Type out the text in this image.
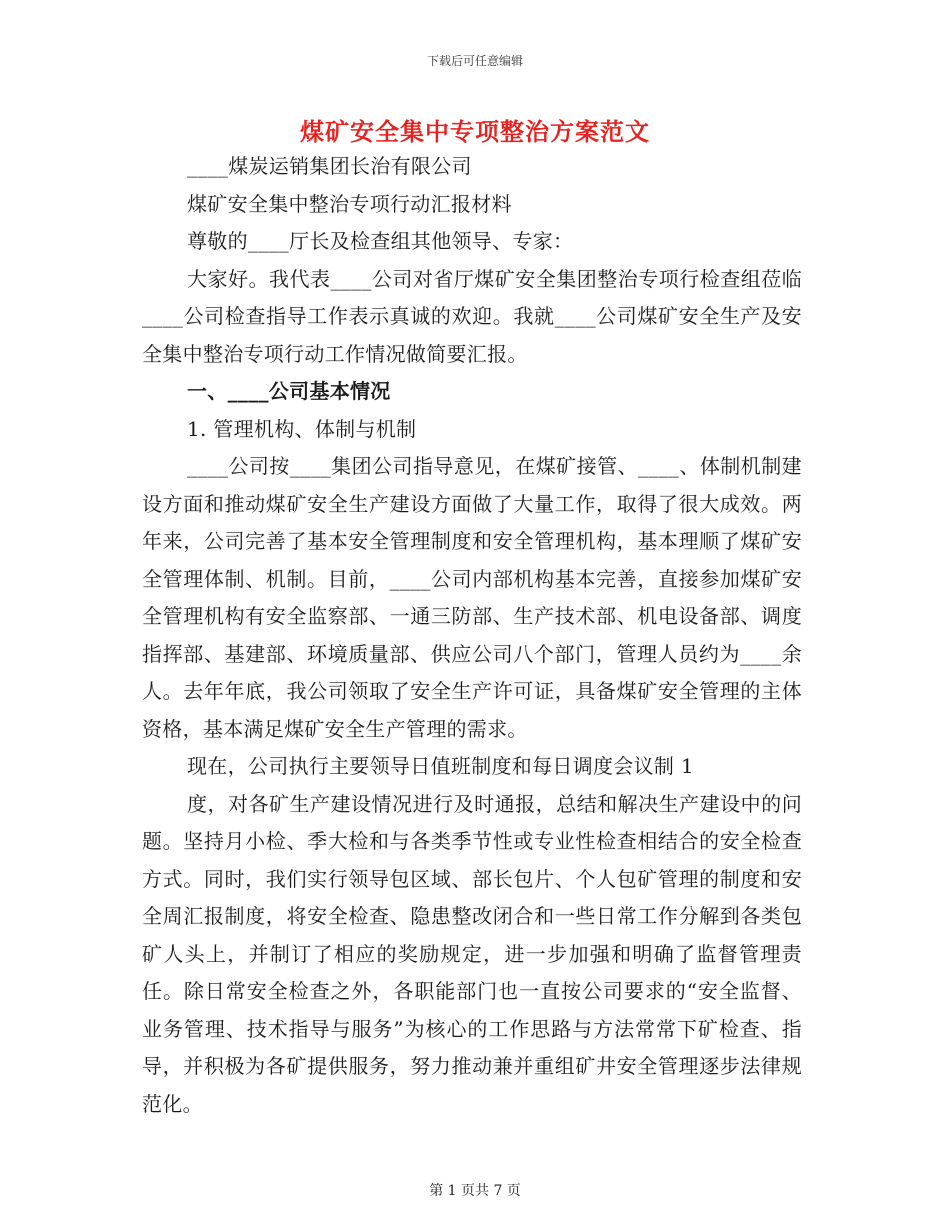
下载后可任意编辑
煤矿安全集中专项整治方案范文

____煤炭运销集团长治有限公司

煤矿安全集中整治专项行动汇报材料

尊敬的____厅长及检查组其他领导、专家：

大家好。我代表____公司对省厅煤矿安全集团整治专项行检查组莅临____公司检查指导工作表示真诚的欢迎。我就____公司煤矿安全生产及安全集中整治专项行动工作情况做简要汇报。

一、____公司基本情况

1. 管理机构、体制与机制

____公司按____集团公司指导意见，在煤矿接管、____、体制机制建设方面和推动煤矿安全生产建设方面做了大量工作，取得了很大成效。两年来，公司完善了基本安全管理制度和安全管理机构，基本理顺了煤矿安全管理体制、机制。目前，____公司内部机构基本完善，直接参加煤矿安全管理机构有安全监察部、一通三防部、生产技术部、机电设备部、调度指挥部、基建部、环境质量部、供应公司八个部门，管理人员约为____余人。去年年底，我公司领取了安全生产许可证，具备煤矿安全管理的主体资格，基本满足煤矿安全生产管理的需求。

现在，公司执行主要领导日值班制度和每日调度会议制 1

度，对各矿生产建设情况进行及时通报，总结和解决生产建设中的问题。坚持月小检、季大检和与各类季节性或专业性检查相结合的安全检查方式。同时，我们实行领导包区域、部长包片、个人包矿管理的制度和安全周汇报制度，将安全检查、隐患整改闭合和一些日常工作分解到各类包矿人头上，并制订了相应的奖励规定，进一步加强和明确了监督管理责任。除日常安全检查之外，各职能部门也一直按公司要求的“安全监督、业务管理、技术指导与服务”为核心的工作思路与方法常常下矿检查、指导，并积极为各矿提供服务，努力推动兼并重组矿井安全管理逐步法律规范化。

第 1 页共 7 页
